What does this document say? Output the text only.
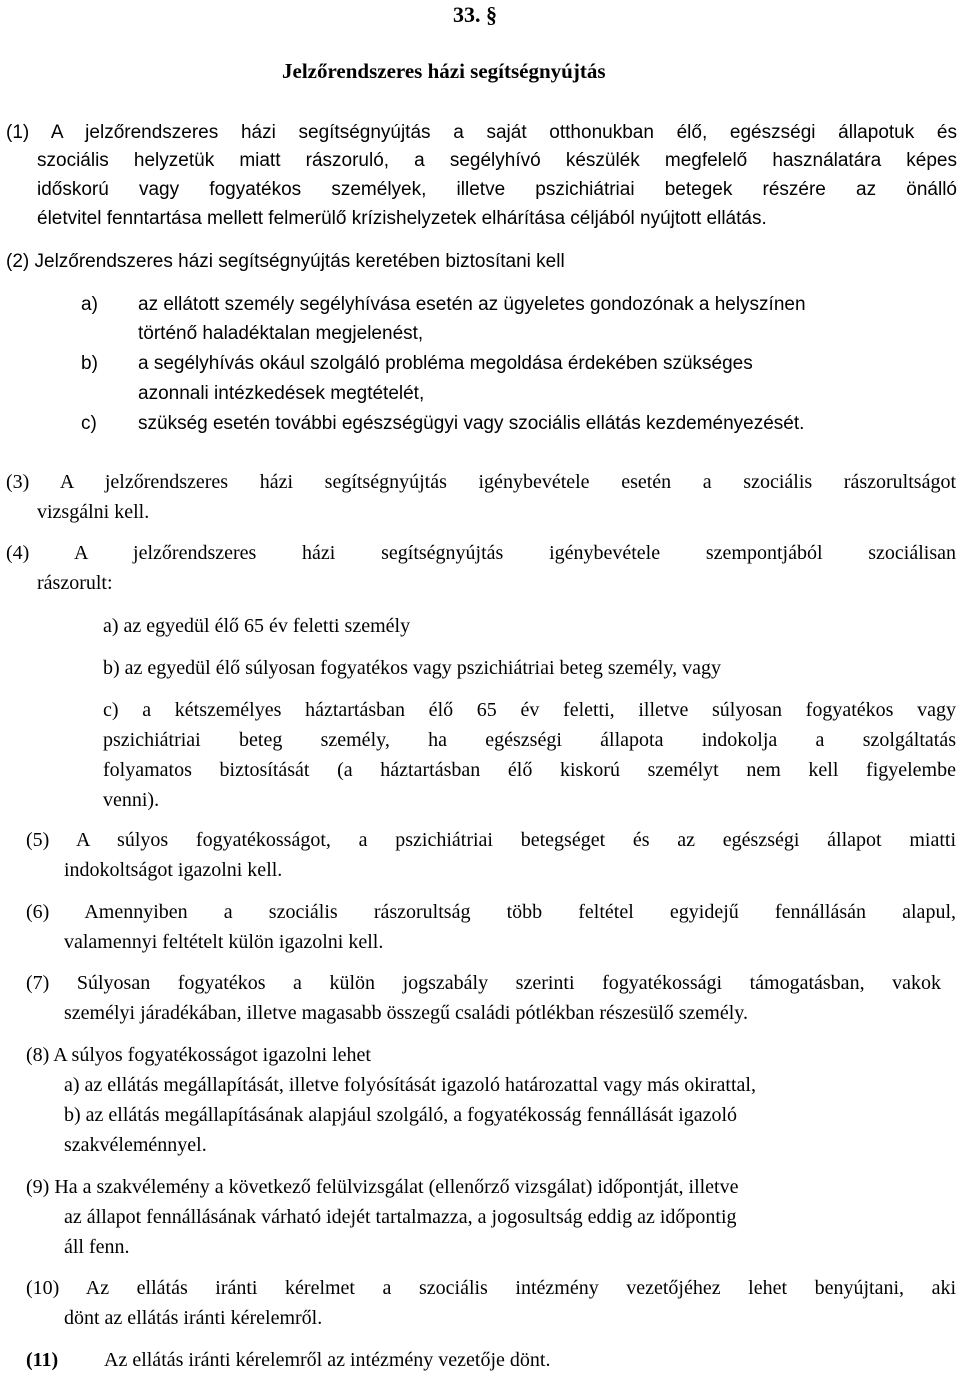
33. §
Jelzőrendszeres házi segítségnyújtás
(1) A jelzőrendszeres házi segítségnyújtás a saját otthonukban élő, egészségi állapotuk és
szociális helyzetük miatt rászoruló, a segélyhívó készülék megfelelő használatára képes
időskorú vagy fogyatékos személyek, illetve pszichiátriai betegek részére az önálló
életvitel fenntartása mellett felmerülő krízishelyzetek elhárítása céljából nyújtott ellátás.
(2) Jelzőrendszeres házi segítségnyújtás keretében biztosítani kell
a) az ellátott személy segélyhívása esetén az ügyeletes gondozónak a helyszínen
történő haladéktalan megjelenést,
b) a segélyhívás okául szolgáló probléma megoldása érdekében szükséges
azonnali intézkedések megtételét,
c) szükség esetén további egészségügyi vagy szociális ellátás kezdeményezését.
(3) A jelzőrendszeres házi segítségnyújtás igénybevétele esetén a szociális rászorultságot
vizsgálni kell.
(4) A jelzőrendszeres házi segítségnyújtás igénybevétele szempontjából szociálisan
rászorult:
a) az egyedül élő 65 év feletti személy
b) az egyedül élő súlyosan fogyatékos vagy pszichiátriai beteg személy, vagy
c) a kétszemélyes háztartásban élő 65 év feletti, illetve súlyosan fogyatékos vagy
pszichiátriai beteg személy, ha egészségi állapota indokolja a szolgáltatás
folyamatos biztosítását (a háztartásban élő kiskorú személyt nem kell figyelembe
venni).
(5) A súlyos fogyatékosságot, a pszichiátriai betegséget és az egészségi állapot miatti
indokoltságot igazolni kell.
(6) Amennyiben a szociális rászorultság több feltétel egyidejű fennállásán alapul,
valamennyi feltételt külön igazolni kell.
(7) Súlyosan fogyatékos a külön jogszabály szerinti fogyatékossági támogatásban, vakok
személyi járadékában, illetve magasabb összegű családi pótlékban részesülő személy.
(8) A súlyos fogyatékosságot igazolni lehet
a) az ellátás megállapítását, illetve folyósítását igazoló határozattal vagy más okirattal,
b) az ellátás megállapításának alapjául szolgáló, a fogyatékosság fennállását igazoló
szakvéleménnyel.
(9) Ha a szakvélemény a következő felülvizsgálat (ellenőrző vizsgálat) időpontját, illetve
az állapot fennállásának várható idejét tartalmazza, a jogosultság eddig az időpontig
áll fenn.
(10) Az ellátás iránti kérelmet a szociális intézmény vezetőjéhez lehet benyújtani, aki
dönt az ellátás iránti kérelemről.
(11) Az ellátás iránti kérelemről az intézmény vezetője dönt.
